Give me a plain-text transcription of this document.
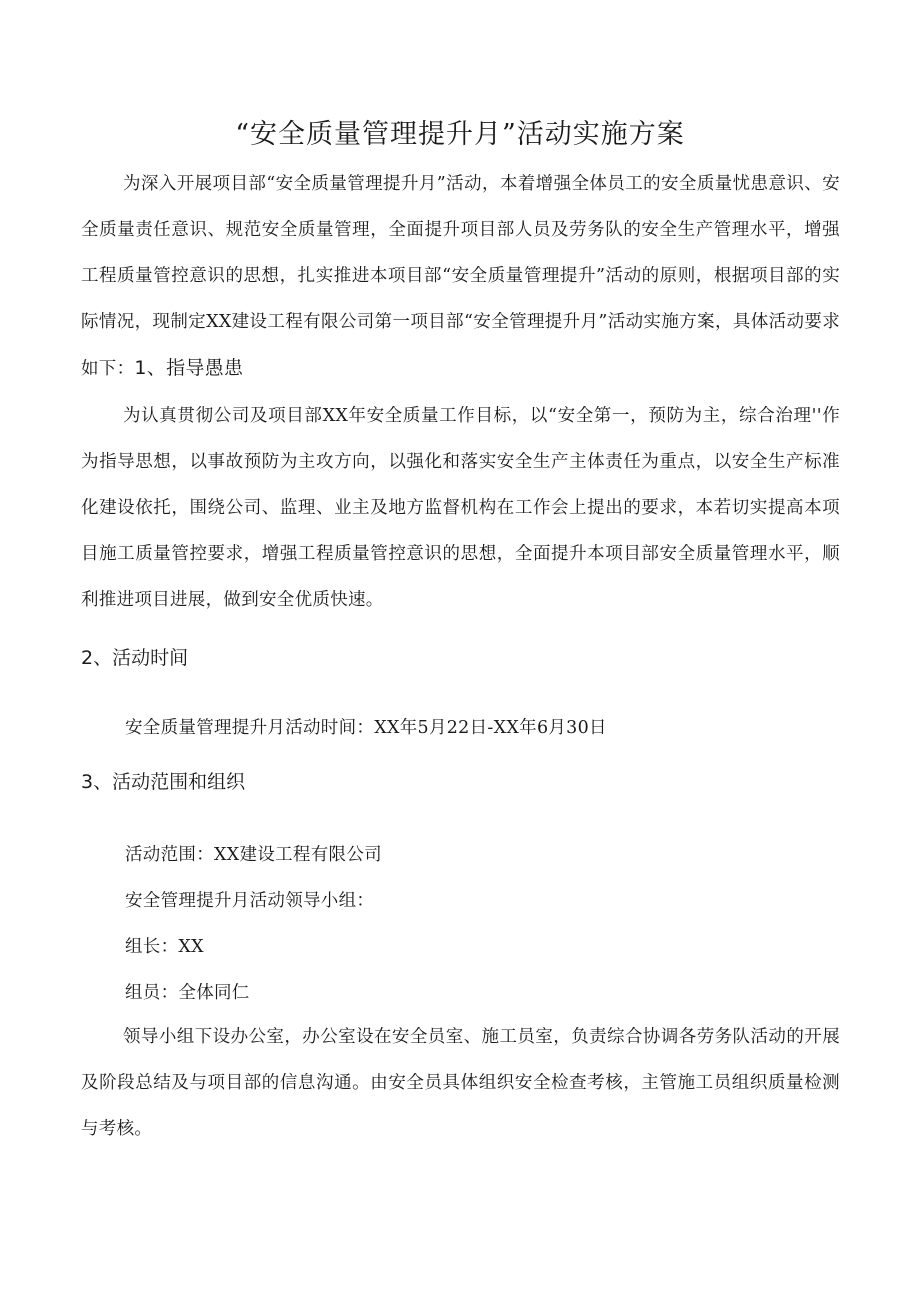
“安全质量管理提升月”活动实施方案
为深入开展项目部“安全质量管理提升月”活动，本着增强全体员工的安全质量忧患意识、安全质量责任意识、规范安全质量管理，全面提升项目部人员及劳务队的安全生产管理水平，增强工程质量管控意识的思想，扎实推进本项目部“安全质量管理提升”活动的原则，根据项目部的实际情况，现制定XX建设工程有限公司第一项目部“安全管理提升月”活动实施方案，具体活动要求如下：1、指导愚患
为认真贯彻公司及项目部XX年安全质量工作目标，以“安全第一，预防为主，综合治理''作为指导思想，以事故预防为主攻方向，以强化和落实安全生产主体责任为重点，以安全生产标准化建设依托，围绕公司、监理、业主及地方监督机构在工作会上提出的要求，本若切实提高本项目施工质量管控要求，增强工程质量管控意识的思想，全面提升本项目部安全质量管理水平，顺利推进项目进展，做到安全优质快速。
2、活动时间
安全质量管理提升月活动时间：XX年5月22日-XX年6月30日
3、活动范围和组织
活动范围：XX建设工程有限公司
安全管理提升月活动领导小组：
组长：XX
组员：全体同仁
领导小组下设办公室，办公室设在安全员室、施工员室，负责综合协调各劳务队活动的开展及阶段总结及与项目部的信息沟通。由安全员具体组织安全检查考核，主管施工员组织质量检测与考核。
